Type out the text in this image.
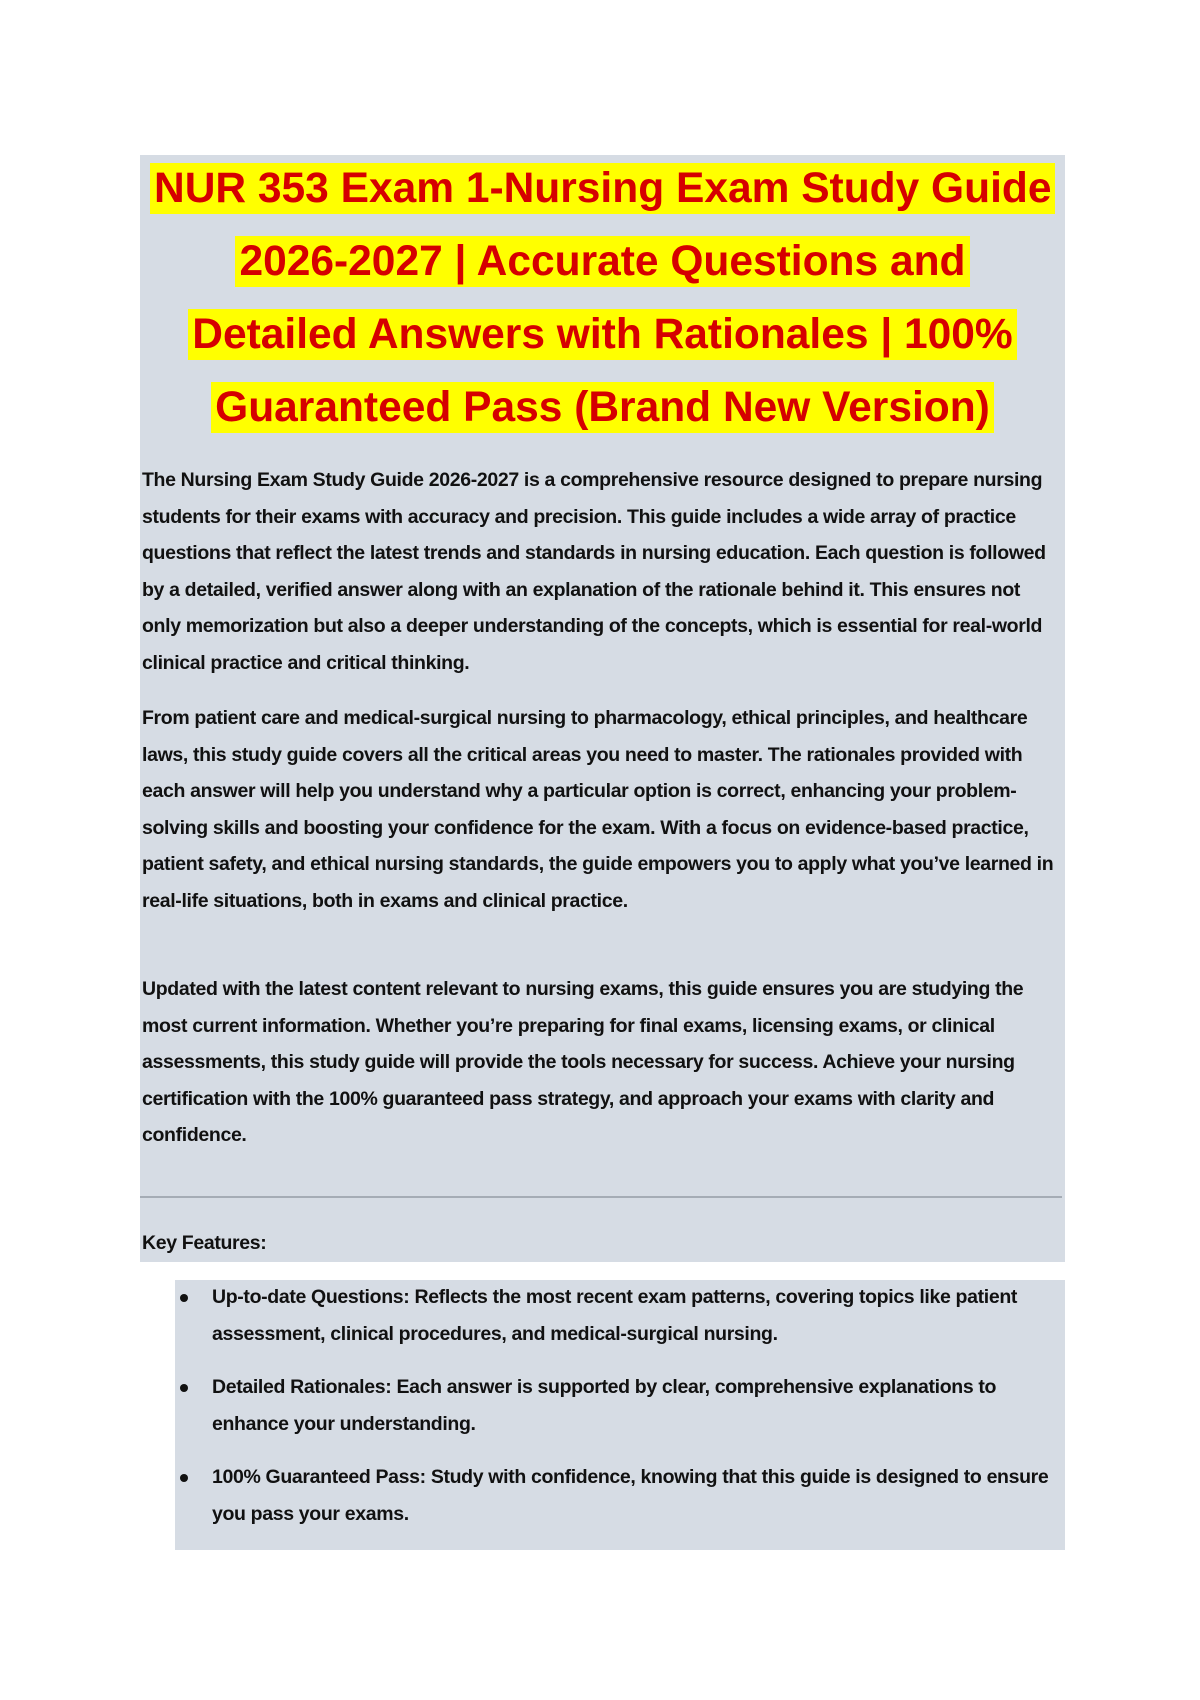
NUR 353 Exam 1-Nursing Exam Study Guide 2026-2027 | Accurate Questions and Detailed Answers with Rationales | 100% Guaranteed Pass (Brand New Version)

The Nursing Exam Study Guide 2026-2027 is a comprehensive resource designed to prepare nursing students for their exams with accuracy and precision. This guide includes a wide array of practice questions that reflect the latest trends and standards in nursing education. Each question is followed by a detailed, verified answer along with an explanation of the rationale behind it. This ensures not only memorization but also a deeper understanding of the concepts, which is essential for real-world clinical practice and critical thinking.

From patient care and medical-surgical nursing to pharmacology, ethical principles, and healthcare laws, this study guide covers all the critical areas you need to master. The rationales provided with each answer will help you understand why a particular option is correct, enhancing your problem-solving skills and boosting your confidence for the exam. With a focus on evidence-based practice, patient safety, and ethical nursing standards, the guide empowers you to apply what you’ve learned in real-life situations, both in exams and clinical practice.

Updated with the latest content relevant to nursing exams, this guide ensures you are studying the most current information. Whether you’re preparing for final exams, licensing exams, or clinical assessments, this study guide will provide the tools necessary for success. Achieve your nursing certification with the 100% guaranteed pass strategy, and approach your exams with clarity and confidence.

Key Features:

Up-to-date Questions: Reflects the most recent exam patterns, covering topics like patient assessment, clinical procedures, and medical-surgical nursing.

Detailed Rationales: Each answer is supported by clear, comprehensive explanations to enhance your understanding.

100% Guaranteed Pass: Study with confidence, knowing that this guide is designed to ensure you pass your exams.
